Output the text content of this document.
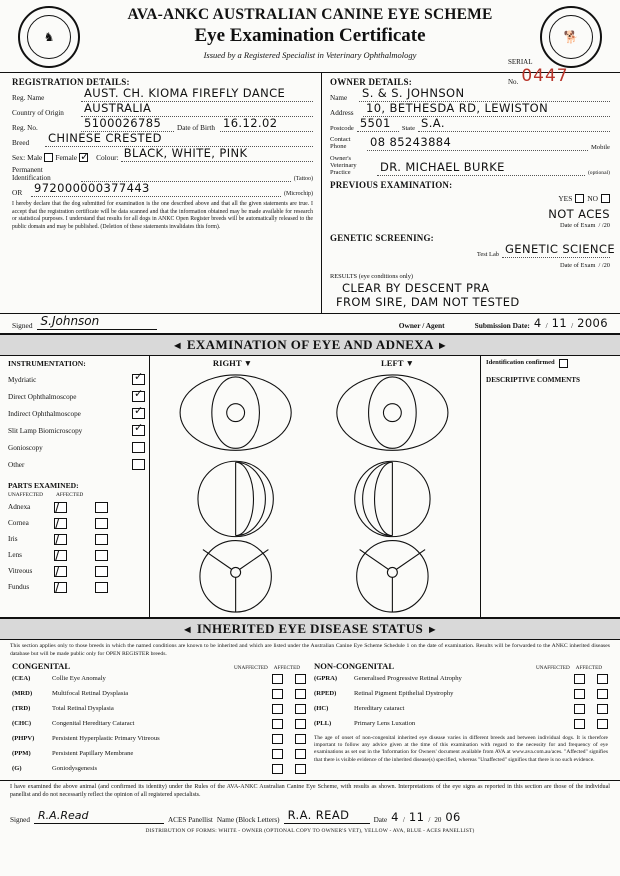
♞	🐕
AVA-ANKC AUSTRALIAN CANINE EYE SCHEME
Eye Examination Certificate
Issued by a Registered Specialist in Veterinary Ophthalmology
SERIAL
No. 0447
REGISTRATION DETAILS:
Reg. Name	AUST. CH. KIOMA FIREFLY DANCE
Country of Origin	AUSTRALIA
Reg. No.	5100026785 Date of Birth 16.12.02
Breed	CHINESE CRESTED
Sex: Male Female ✓	Colour: BLACK, WHITE, PINK
Permanent Identification	(Tattoo)
OR	972000000377443	(Microchip)
I hereby declare that the dog submitted for examination is the one described above and that all the given statements are true. I accept that the registration certificate will be data scanned and that the information obtained may be made available for research or statistical purposes. I understand that results for all dogs in ANKC Open Register breeds will be automatically released to the public domain and may be published. (Deletion of these statements invalidates this form).
OWNER DETAILS:
Name	S. & S. JOHNSON
Address	10, BETHESDA RD, LEWISTON
Postcode 5501 State S.A.
Contact Phone	08 85243884	Mobile
Owner's Veterinary Practice	DR. MICHAEL BURKE	(optional)
PREVIOUS EXAMINATION:
YES NO
NOT ACES
Date of Exam / /20
GENETIC SCREENING:
Test Lab GENETIC SCIENCE
Date of Exam / /20
RESULTS (eye conditions only)
CLEAR BY DESCENT PRA
FROM SIRE, DAM NOT TESTED
Signed S.Johnson	Owner / Agent	Submission Date: 4 / 11 / 2006
◄ EXAMINATION OF EYE AND ADNEXA ►
INSTRUMENTATION:
Mydriatic
✓
Direct Ophthalmoscope
✓
Indirect Ophthalmoscope
✓
Slit Lamp Biomicroscopy
✓
Gonioscopy
Other
PARTS EXAMINED:
UNAFFECTED	AFFECTED
Adnexa	/
Cornea	/
Iris	/
Lens	/
Vitreous	/
Fundus	/
RIGHT ▼	LEFT ▼	Identification confirmed
DESCRIPTIVE COMMENTS
◄ INHERITED EYE DISEASE STATUS ►
This section applies only to those breeds in which the named conditions are known to be inherited and which are listed under the Australian Canine Eye Scheme Schedule 1 on the date of examination. Results will be forwarded to the ANKC inherited diseases database but will be made public only for OPEN REGISTER breeds.
CONGENITAL	UNAFFECTED	AFFECTED
(CEA)	Collie Eye Anomaly
(MRD)	Multifocal Retinal Dysplasia
(TRD)	Total Retinal Dysplasia
(CHC)	Congenital Hereditary Cataract
(PHPV)	Persistent Hyperplastic Primary Vitreous
(PPM)	Persistent Papillary Membrane
(G)	Goniodysgenesis
NON-CONGENITAL	UNAFFECTED	AFFECTED
(GPRA)	Generalised Progressive Retinal Atrophy
(RPED)	Retinal Pigment Epithelial Dystrophy
(HC)	Hereditary cataract
(PLL)	Primary Lens Luxation
The age of onset of non-congenital inherited eye disease varies in different breeds and between individual dogs. It is therefore important to follow any advice given at the time of this examination with regard to the necessity for and frequency of eye examinations as set out in the 'Information for Owners' document available from AVA at www.ava.com.au/aces. "Affected" signifies that there is visible evidence of the inherited disease(s) specified, whereas "Unaffected" signifies that there is no such evidence.
I have examined the above animal (and confirmed its identity) under the Rules of the AVA-ANKC Australian Canine Eye Scheme, with results as shown. Interpretations of the eye signs as reported in this section are those of the individual panellist and do not necessarily reflect the opinion of all registered specialists.
Signed R.A.Read	ACES Panellist Name (Block Letters) R.A. READ	Date 4 / 11 / 20 06
DISTRIBUTION OF FORMS: WHITE - OWNER (OPTIONAL COPY TO OWNER'S VET), YELLOW - AVA, BLUE - ACES PANELLIST)
